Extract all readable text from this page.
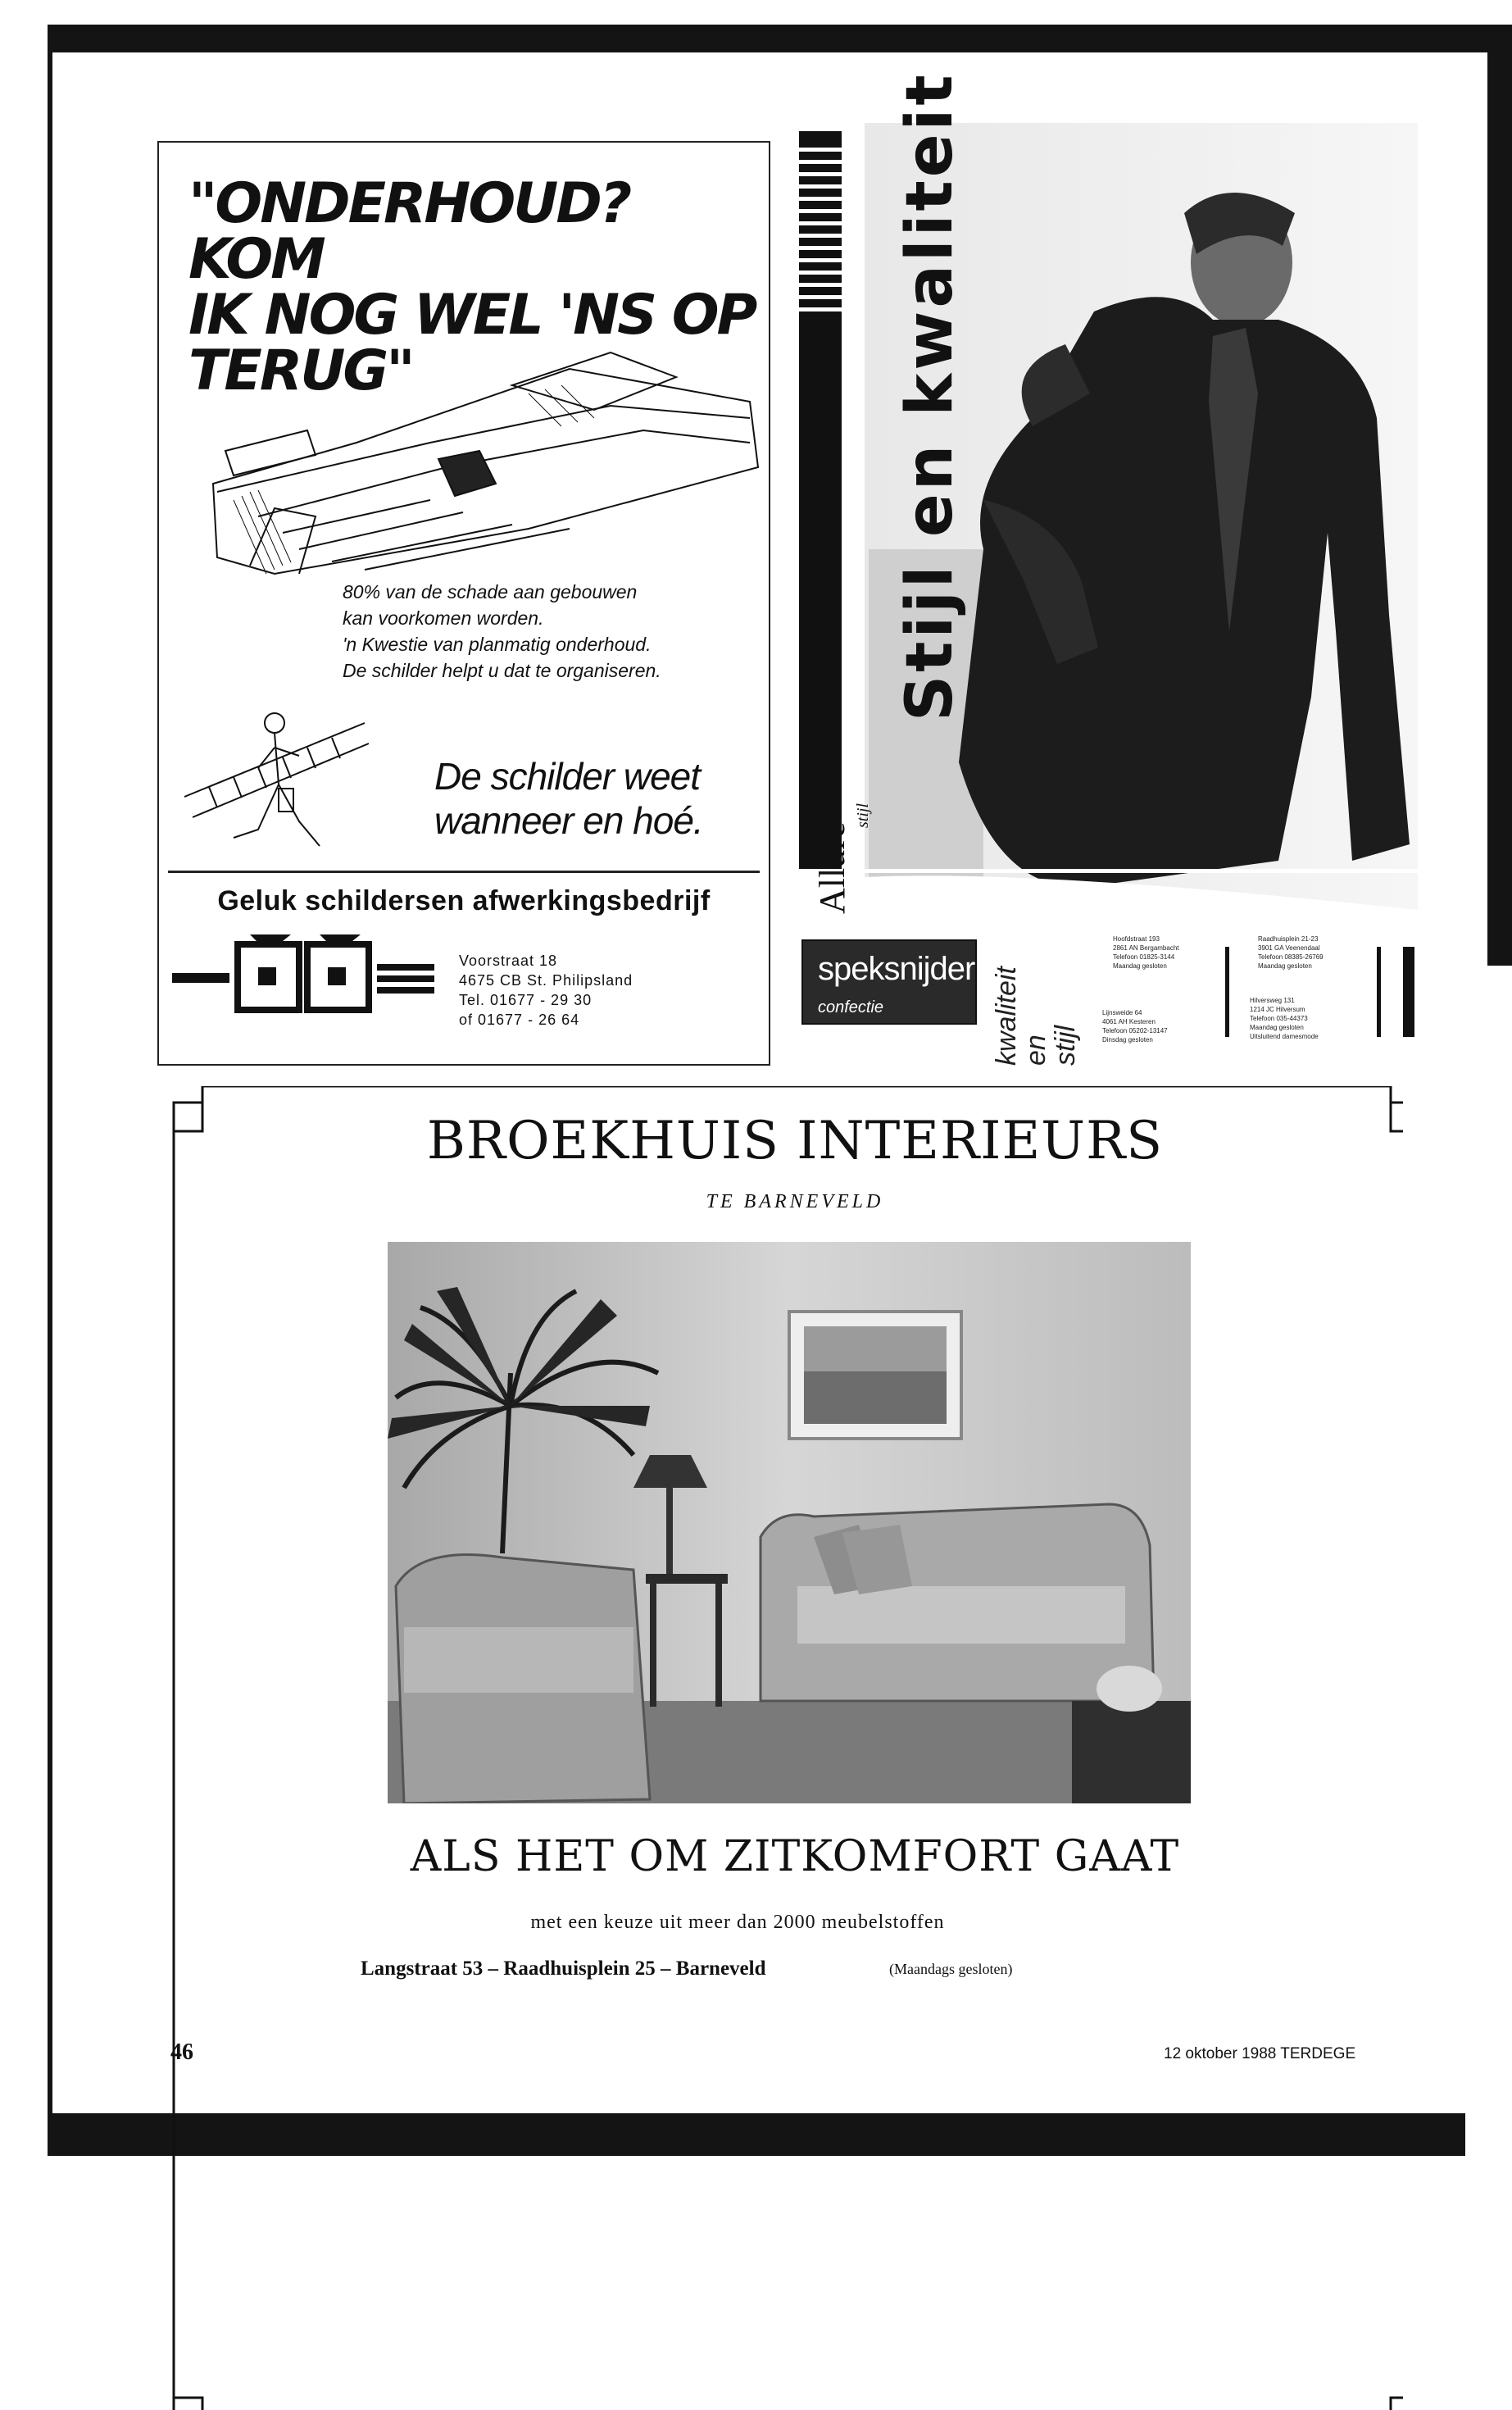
"ONDERHOUD? KOM
IK NOG WEL 'NS OP
TERUG"
80% van de schade aan gebouwen
kan voorkomen worden.
'n Kwestie van planmatig onderhoud.
De schilder helpt u dat te organiseren.
De schilder weet
wanneer en hoé.
Geluk schildersen afwerkingsbedrijf
Voorstraat 18
4675 CB St. Philipsland
Tel. 01677 - 29 30
of 01677 - 26 64
Stijl en kwaliteit
Allure
stijl
speksnijder
confectie	kwaliteit
en
stijl
Hoofdstraat 193
2861 AN Bergambacht
Telefoon 01825-3144
Maandag gesloten
Raadhuisplein 21-23
3901 GA Veenendaal
Telefoon 08385-26769
Maandag gesloten
Lijnsweide 64
4061 AH Kesteren
Telefoon 05202-13147
Dinsdag gesloten
Hilversweg 131
1214 JC Hilversum
Telefoon 035-44373
Maandag gesloten
Uitsluitend damesmode
BROEKHUIS INTERIEURS
TE BARNEVELD
ALS HET OM ZITKOMFORT GAAT
met een keuze uit meer dan 2000 meubelstoffen
Langstraat 53 – Raadhuisplein 25 – Barneveld	(Maandags gesloten)
46	12 oktober 1988 TERDEGE
